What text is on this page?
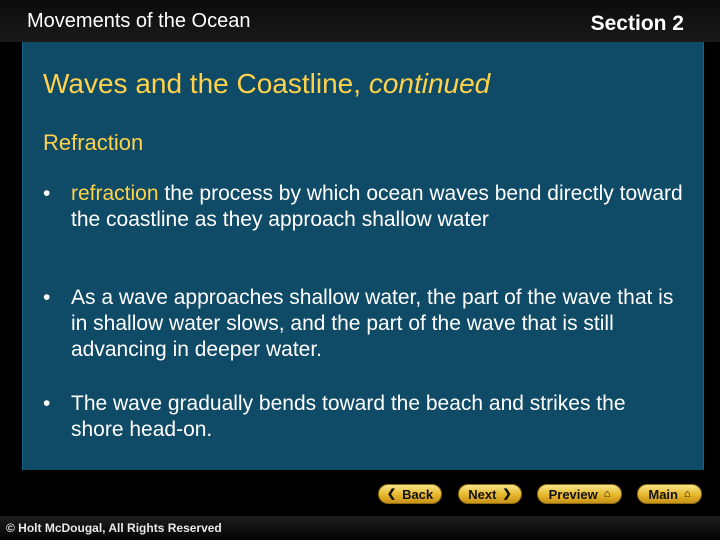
Movements of the Ocean	Section 2
Waves and the Coastline, continued
Refraction
• refraction the process by which ocean waves bend directly toward the coastline as they approach shallow water
• As a wave approaches shallow water, the part of the wave that is in shallow water slows, and the part of the wave that is still advancing in deeper water.
• The wave gradually bends toward the beach and strikes the shore head-on.
❮ Back	Next ❯	Preview ⌂	Main ⌂
© Holt McDougal, All Rights Reserved
